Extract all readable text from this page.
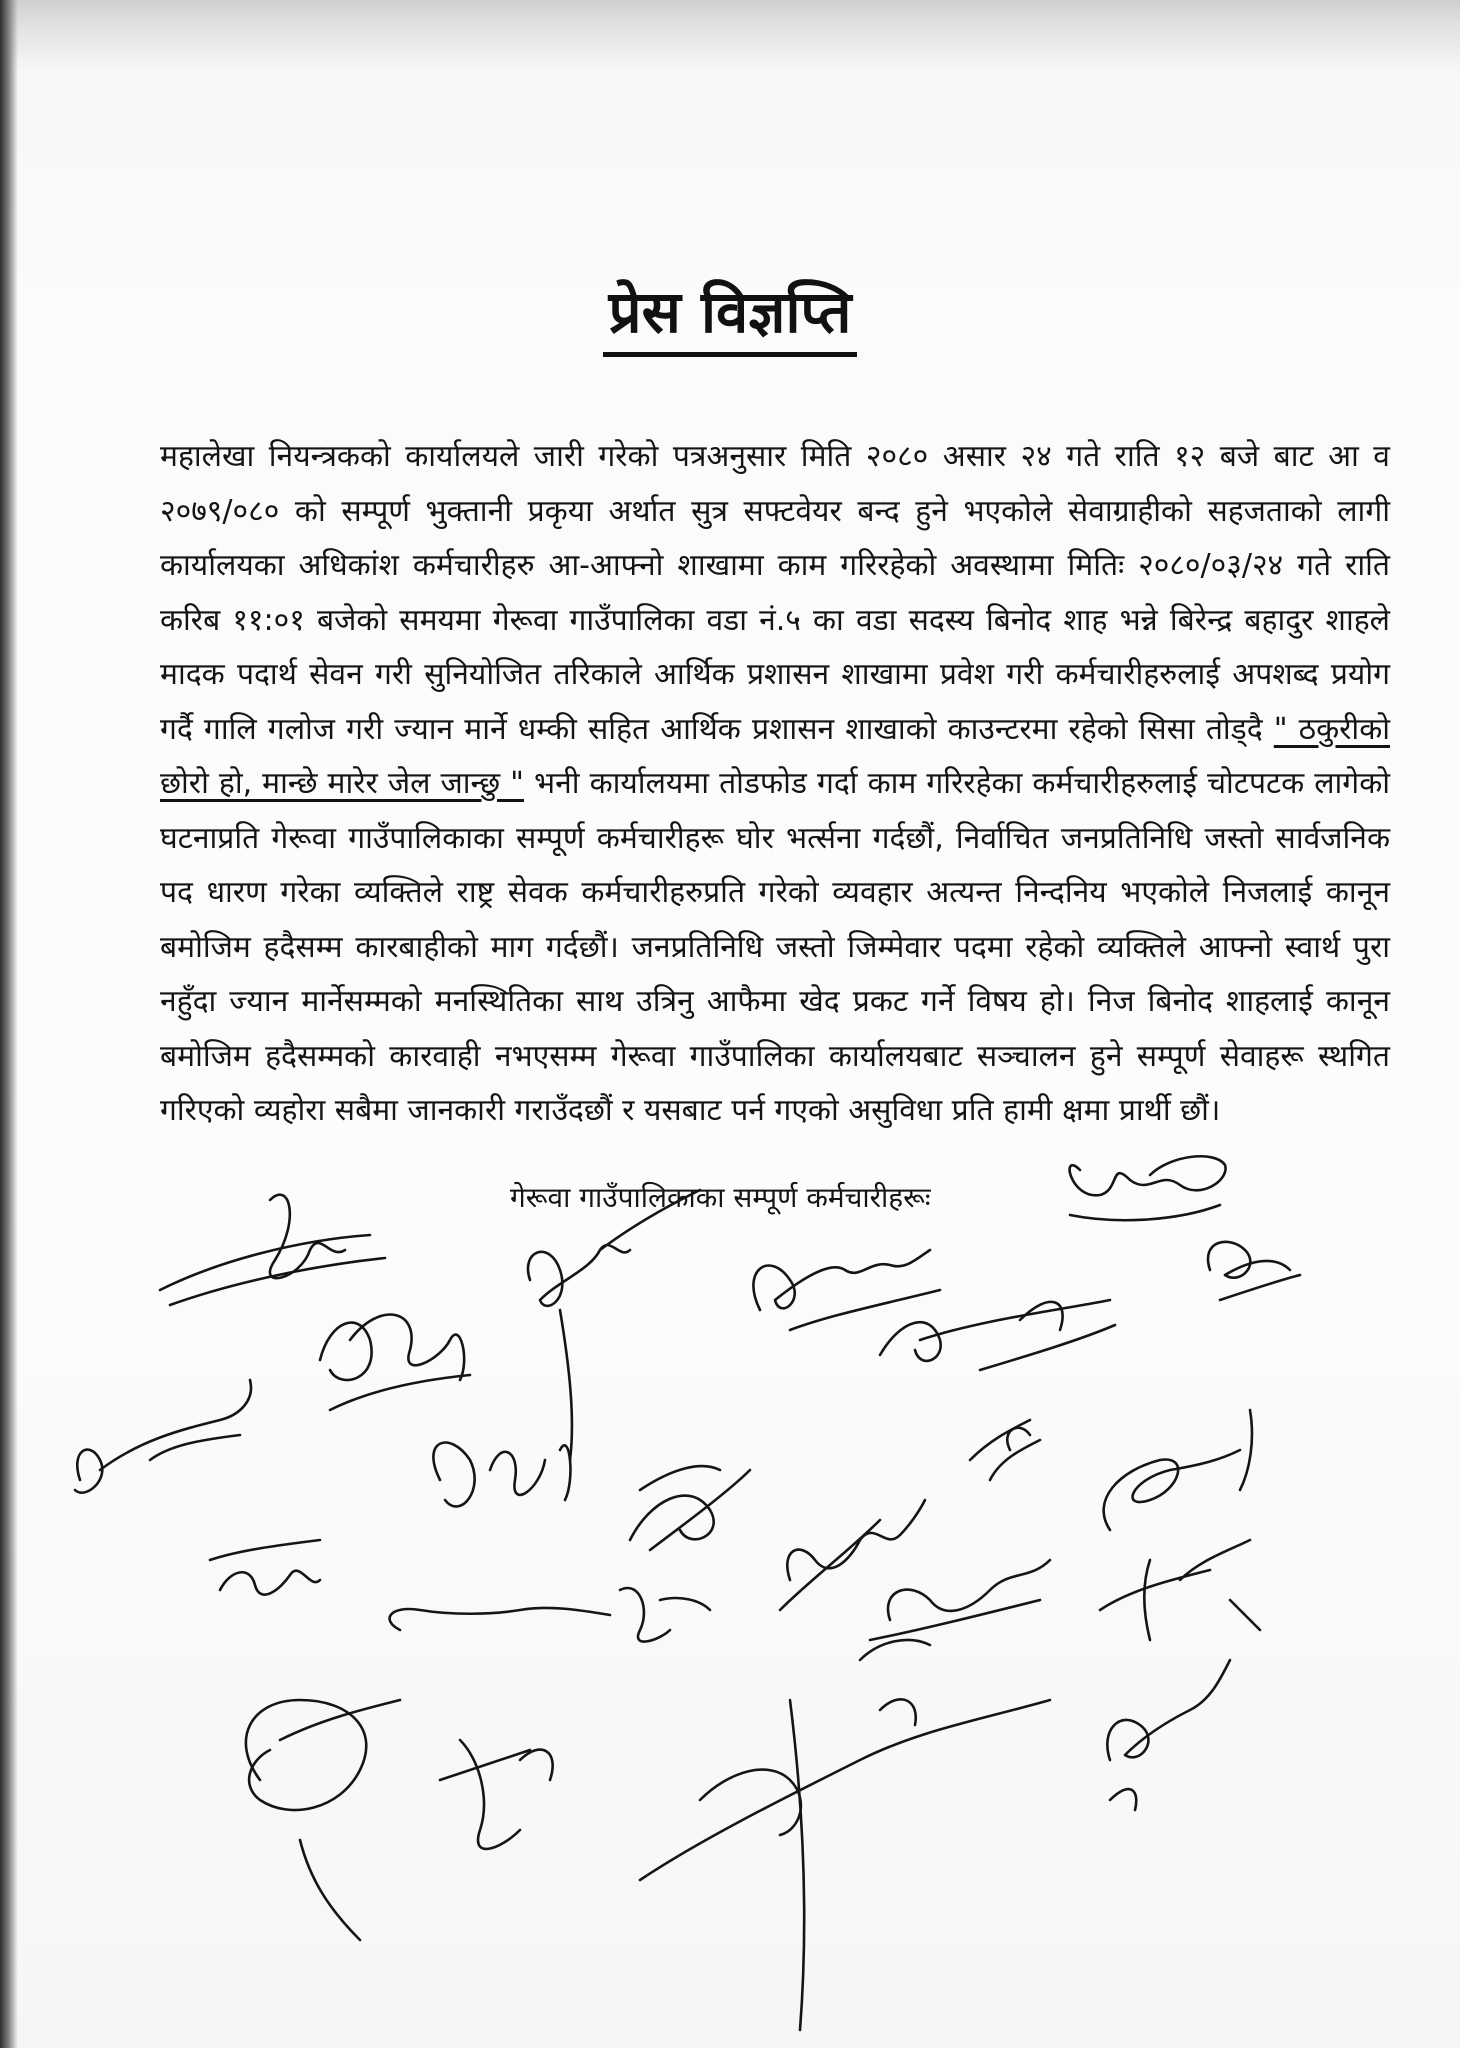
प्रेस विज्ञप्ति

महालेखा नियन्त्रकको कार्यालयले जारी गरेको पत्रअनुसार मिति २०८० असार २४ गते राति १२ बजे बाट आ व २०७९/०८० को सम्पूर्ण भुक्तानी प्रकृया अर्थात सुत्र सफ्टवेयर बन्द हुने भएकोले सेवाग्राहीको सहजताको लागी कार्यालयका अधिकांश कर्मचारीहरु आ-आफ्नो शाखामा काम गरिरहेको अवस्थामा मितिः २०८०/०३/२४ गते राति करिब ११:०१ बजेको समयमा गेरूवा गाउँपालिका वडा नं.५ का वडा सदस्य बिनोद शाह भन्ने बिरेन्द्र बहादुर शाहले मादक पदार्थ सेवन गरी सुनियोजित तरिकाले आर्थिक प्रशासन शाखामा प्रवेश गरी कर्मचारीहरुलाई अपशब्द प्रयोग गर्दै गालि गलोज गरी ज्यान मार्ने धम्की सहित आर्थिक प्रशासन शाखाको काउन्टरमा रहेको सिसा तोड्दै " ठकुरीको छोरो हो, मान्छे मारेर जेल जान्छु " भनी कार्यालयमा तोडफोड गर्दा काम गरिरहेका कर्मचारीहरुलाई चोटपटक लागेको घटनाप्रति गेरूवा गाउँपालिकाका सम्पूर्ण कर्मचारीहरू घोर भर्त्सना गर्दछौं, निर्वाचित जनप्रतिनिधि जस्तो सार्वजनिक पद धारण गरेका व्यक्तिले राष्ट्र सेवक कर्मचारीहरुप्रति गरेको व्यवहार अत्यन्त निन्दनिय भएकोले निजलाई कानून बमोजिम हदैसम्म कारबाहीको माग गर्दछौं। जनप्रतिनिधि जस्तो जिम्मेवार पदमा रहेको व्यक्तिले आफ्नो स्वार्थ पुरा नहुँदा ज्यान मार्नेसम्मको मनस्थितिका साथ उत्रिनु आफैमा खेद प्रकट गर्ने विषय हो। निज बिनोद शाहलाई कानून बमोजिम हदैसम्मको कारवाही नभएसम्म गेरूवा गाउँपालिका कार्यालयबाट सञ्चालन हुने सम्पूर्ण सेवाहरू स्थगित गरिएको व्यहोरा सबैमा जानकारी गराउँदछौं र यसबाट पर्न गएको असुविधा प्रति हामी क्षमा प्रार्थी छौं।

गेरूवा गाउँपालिकाका सम्पूर्ण कर्मचारीहरूः
